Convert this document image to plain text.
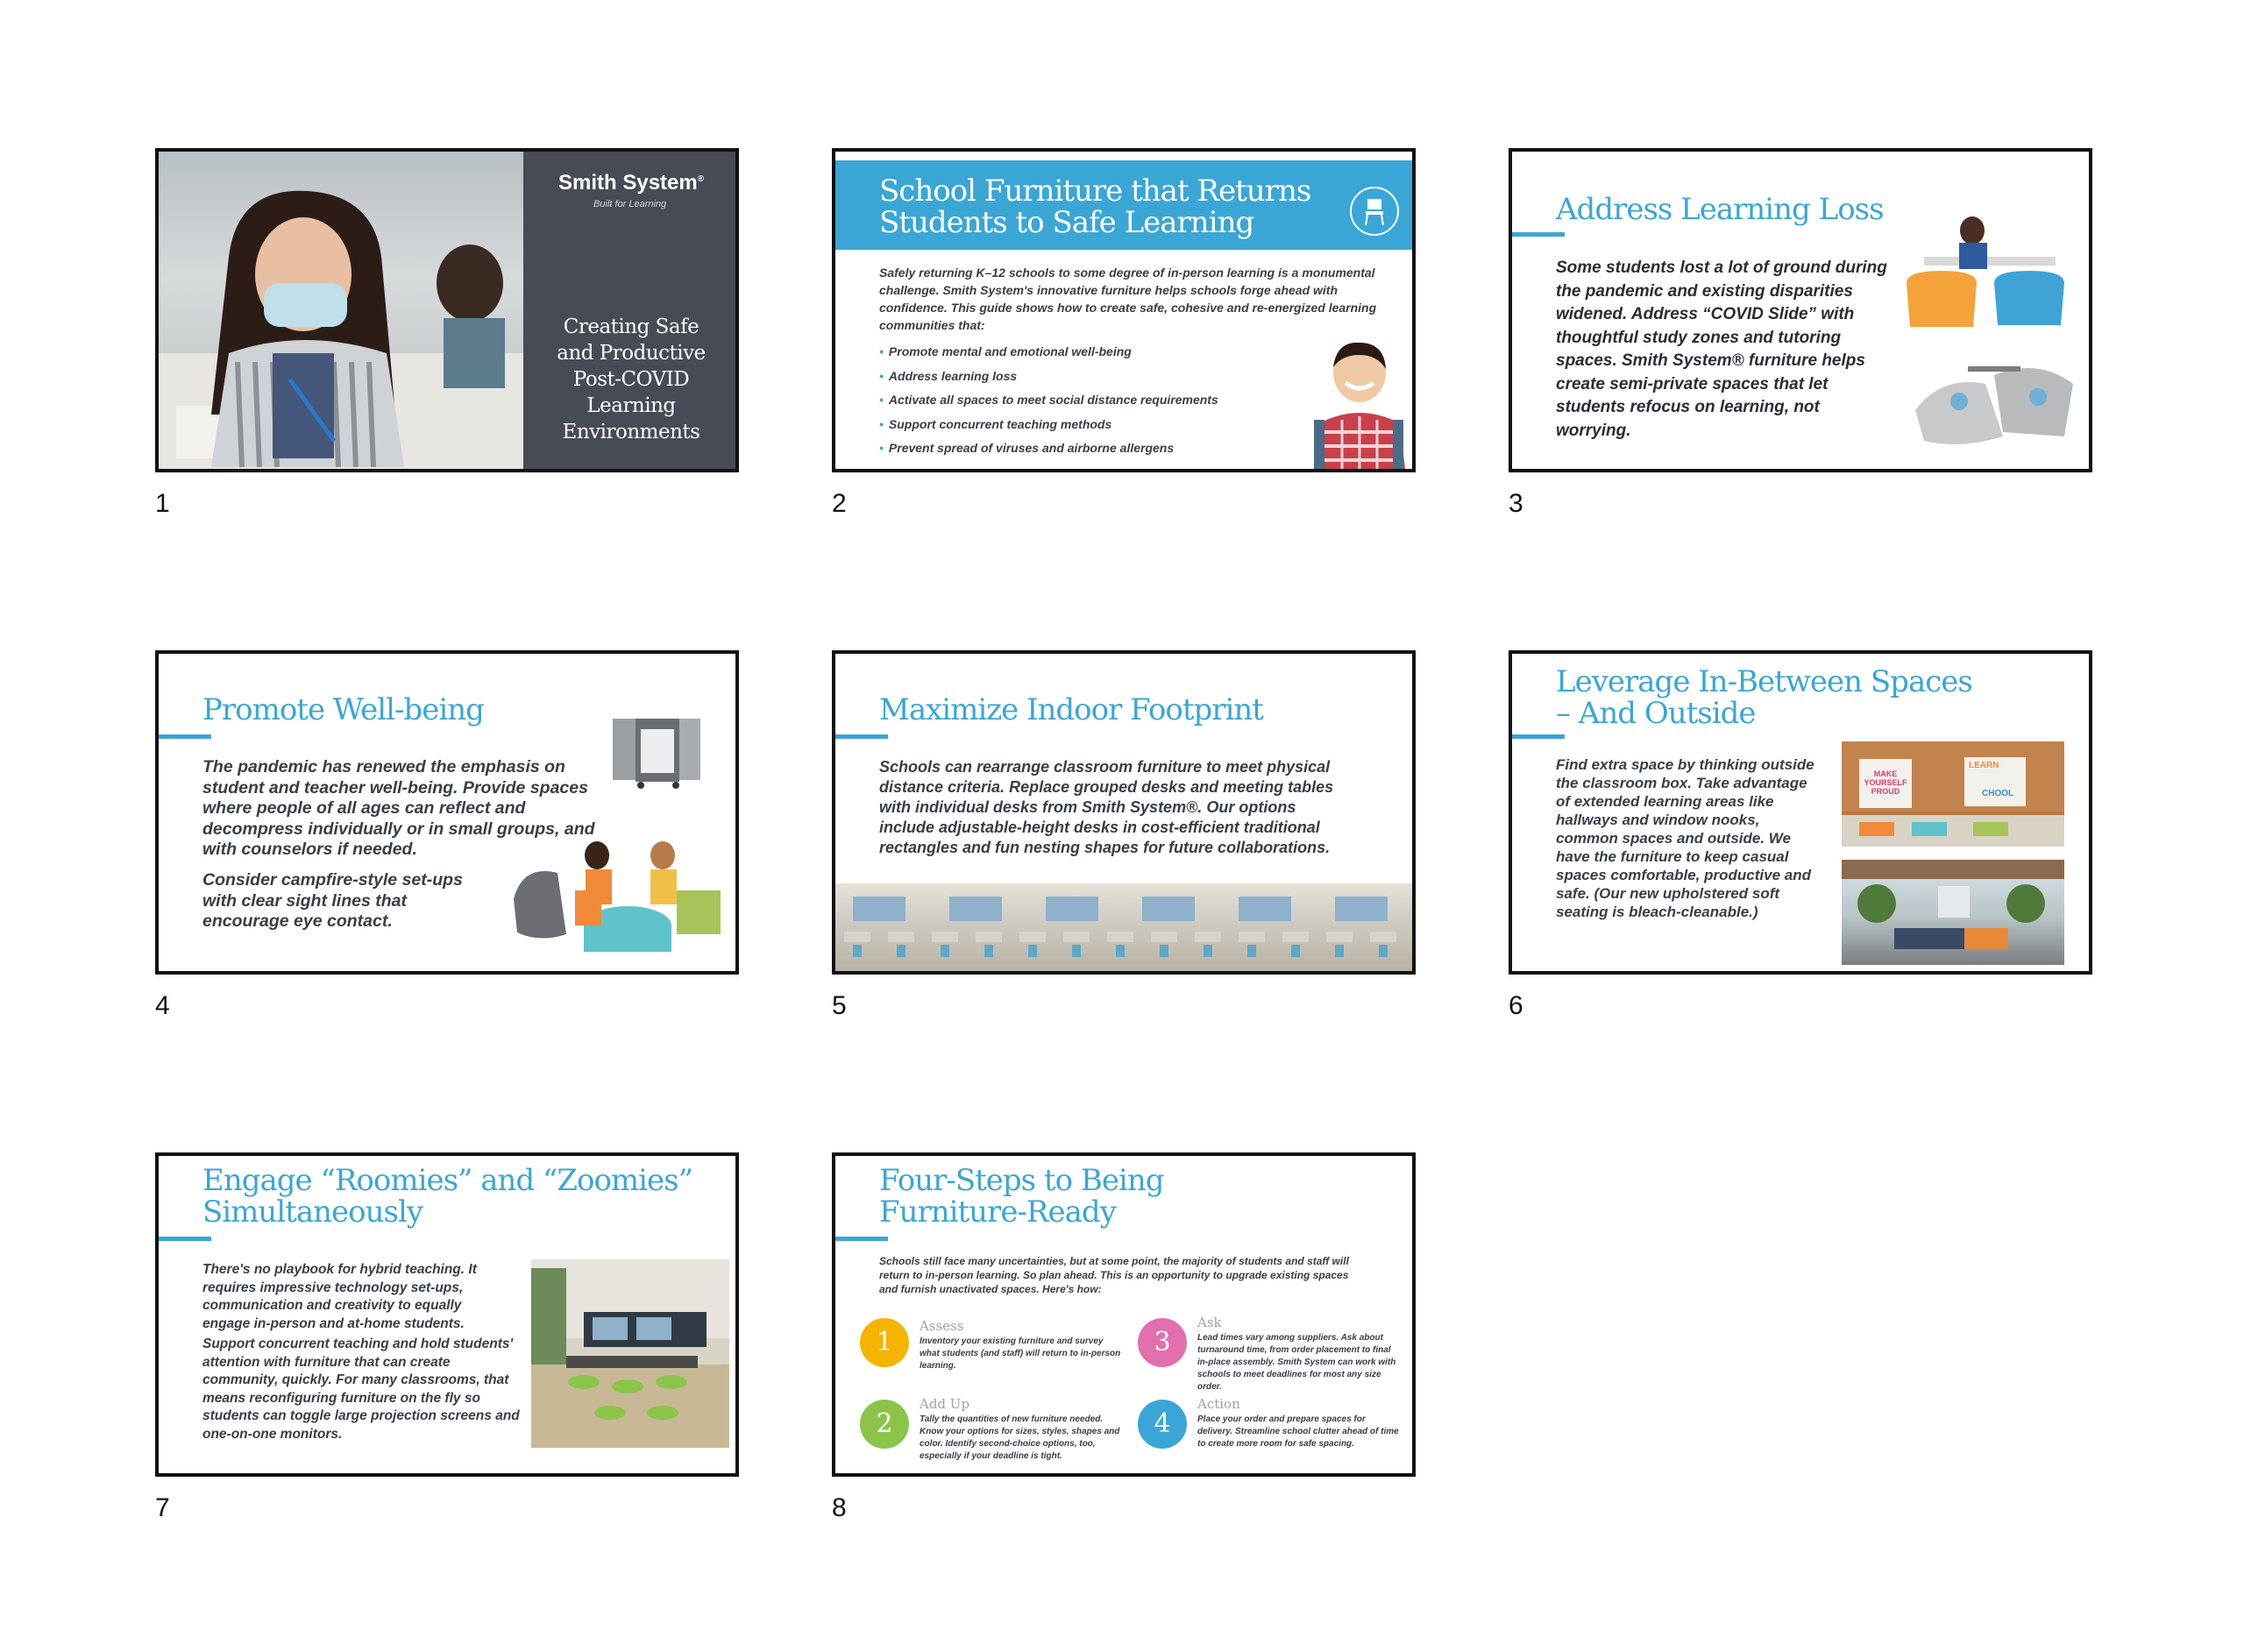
Smith System®
Built for Learning
Creating Safe
and Productive
Post-COVID
Learning
Environments
1
School Furniture that Returns
Students to Safe Learning
Safely returning K–12 schools to some degree of in-person learning is a monumental challenge. Smith System's innovative furniture helps schools forge ahead with confidence. This guide shows how to create safe, cohesive and re-energized learning communities that:
• Promote mental and emotional well-being
• Address learning loss
• Activate all spaces to meet social distance requirements
• Support concurrent teaching methods
• Prevent spread of viruses and airborne allergens
2
Address Learning Loss
Some students lost a lot of ground during the pandemic and existing disparities widened. Address “COVID Slide” with thoughtful study zones and tutoring spaces. Smith System® furniture helps create semi-private spaces that let students refocus on learning, not worrying.
3
Promote Well-being
The pandemic has renewed the emphasis on student and teacher well-being. Provide spaces where people of all ages can reflect and decompress individually or in small groups, and with counselors if needed.
Consider campfire-style set-ups with clear sight lines that encourage eye contact.
4
Maximize Indoor Footprint
Schools can rearrange classroom furniture to meet physical distance criteria. Replace grouped desks and meeting tables with individual desks from Smith System®. Our options include adjustable-height desks in cost-efficient traditional rectangles and fun nesting shapes for future collaborations.
5
Leverage In-Between Spaces
– And Outside
Find extra space by thinking outside the classroom box. Take advantage of extended learning areas like hallways and window nooks, common spaces and outside. We have the furniture to keep casual spaces comfortable, productive and safe. (Our new upholstered soft seating is bleach-cleanable.)
MAKE YOURSELF PROUD
LEARN
CHOOL
6
Engage “Roomies” and “Zoomies”
Simultaneously
There's no playbook for hybrid teaching. It requires impressive technology set-ups, communication and creativity to equally engage in-person and at-home students.
Support concurrent teaching and hold students' attention with furniture that can create community, quickly. For many classrooms, that means reconfiguring furniture on the fly so students can toggle large projection screens and one-on-one monitors.
7
Four-Steps to Being
Furniture-Ready
Schools still face many uncertainties, but at some point, the majority of students and staff will return to in-person learning. So plan ahead. This is an opportunity to upgrade existing spaces and furnish unactivated spaces. Here's how:
1
Assess
Inventory your existing furniture and survey what students (and staff) will return to in-person learning.
2
Add Up
Tally the quantities of new furniture needed. Know your options for sizes, styles, shapes and color. Identify second-choice options, too, especially if your deadline is tight.
3
Ask
Lead times vary among suppliers. Ask about turnaround time, from order placement to final in-place assembly. Smith System can work with schools to meet deadlines for most any size order.
4
Action
Place your order and prepare spaces for delivery. Streamline school clutter ahead of time to create more room for safe spacing.
8
